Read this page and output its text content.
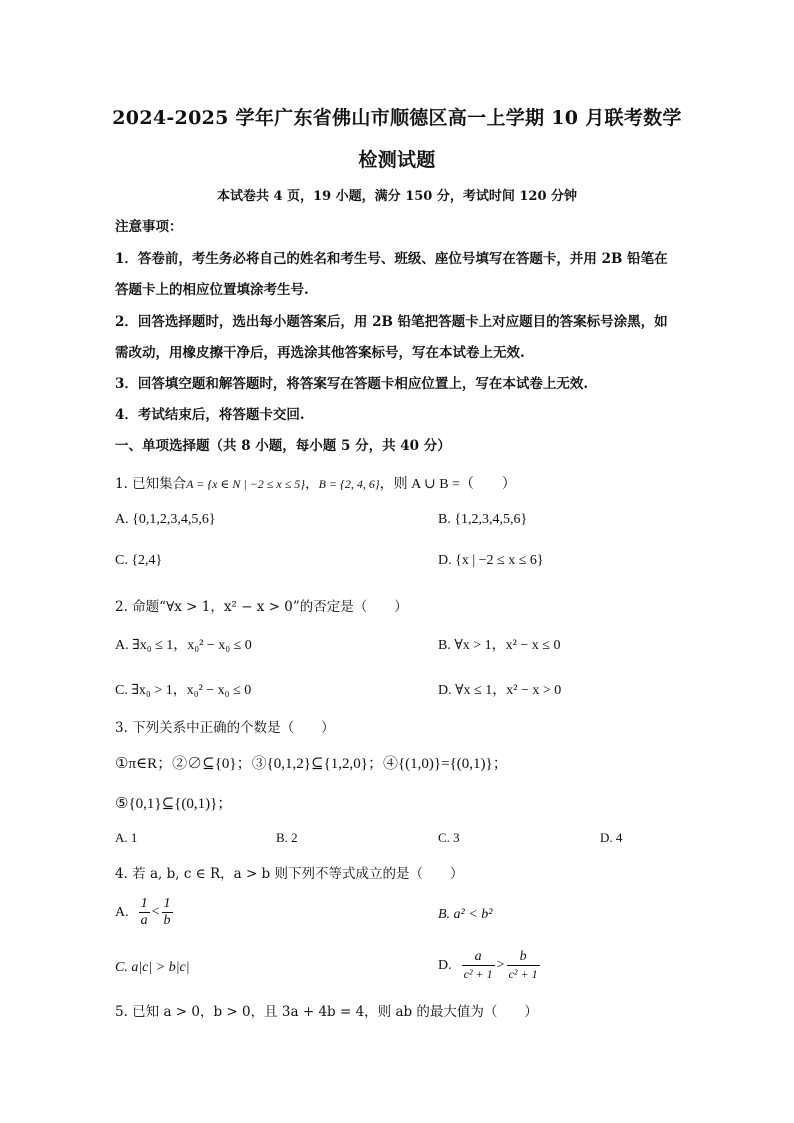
2024-2025 学年广东省佛山市顺德区高一上学期 10 月联考数学
检测试题
本试卷共 4 页，19 小题，满分 150 分，考试时间 120 分钟
注意事项：
1．答卷前，考生务必将自己的姓名和考生号、班级、座位号填写在答题卡，并用 2B 铅笔在
答题卡上的相应位置填涂考生号.
2．回答选择题时，选出每小题答案后，用 2B 铅笔把答题卡上对应题目的答案标号涂黑，如
需改动，用橡皮擦干净后，再选涂其他答案标号，写在本试卷上无效.
3．回答填空题和解答题时，将答案写在答题卡相应位置上，写在本试卷上无效.
4．考试结束后，将答题卡交回.
一、单项选择题（共 8 小题，每小题 5 分，共 40 分）
1. 已知集合A = {x ∈ N | −2 ≤ x ≤ 5}，B = {2, 4, 6}，则 A ∪ B =（　　）
A. {0,1,2,3,4,5,6}	B. {1,2,3,4,5,6}
C. {2,4}	D. {x | −2 ≤ x ≤ 6}
2. 命题“∀x > 1，x² − x > 0”的否定是（　　）
A. ∃x₀ ≤ 1，x₀² − x₀ ≤ 0	B. ∀x > 1，x² − x ≤ 0
C. ∃x₀ > 1，x₀² − x₀ ≤ 0	D. ∀x ≤ 1，x² − x > 0
3. 下列关系中正确的个数是（　　）
①π∈R；②∅⊆{0}；③{0,1,2}⊆{1,2,0}；④{(1,0)}={(0,1)}；
⑤{0,1}⊆{(0,1)}；
A. 1	B. 2	C. 3	D. 4
4. 若 a, b, c ∈ R，a > b 则下列不等式成立的是（　　）
A. $\frac{1}{a} < \frac{1}{b}$	B. a² < b²
C. a|c| > b|c|	D. $\frac{a}{\text{c² + 1}} > \frac{b}{\text{c² + 1}}$
5. 已知 a > 0，b > 0，且 3a + 4b = 4，则 ab 的最大值为（　　）
